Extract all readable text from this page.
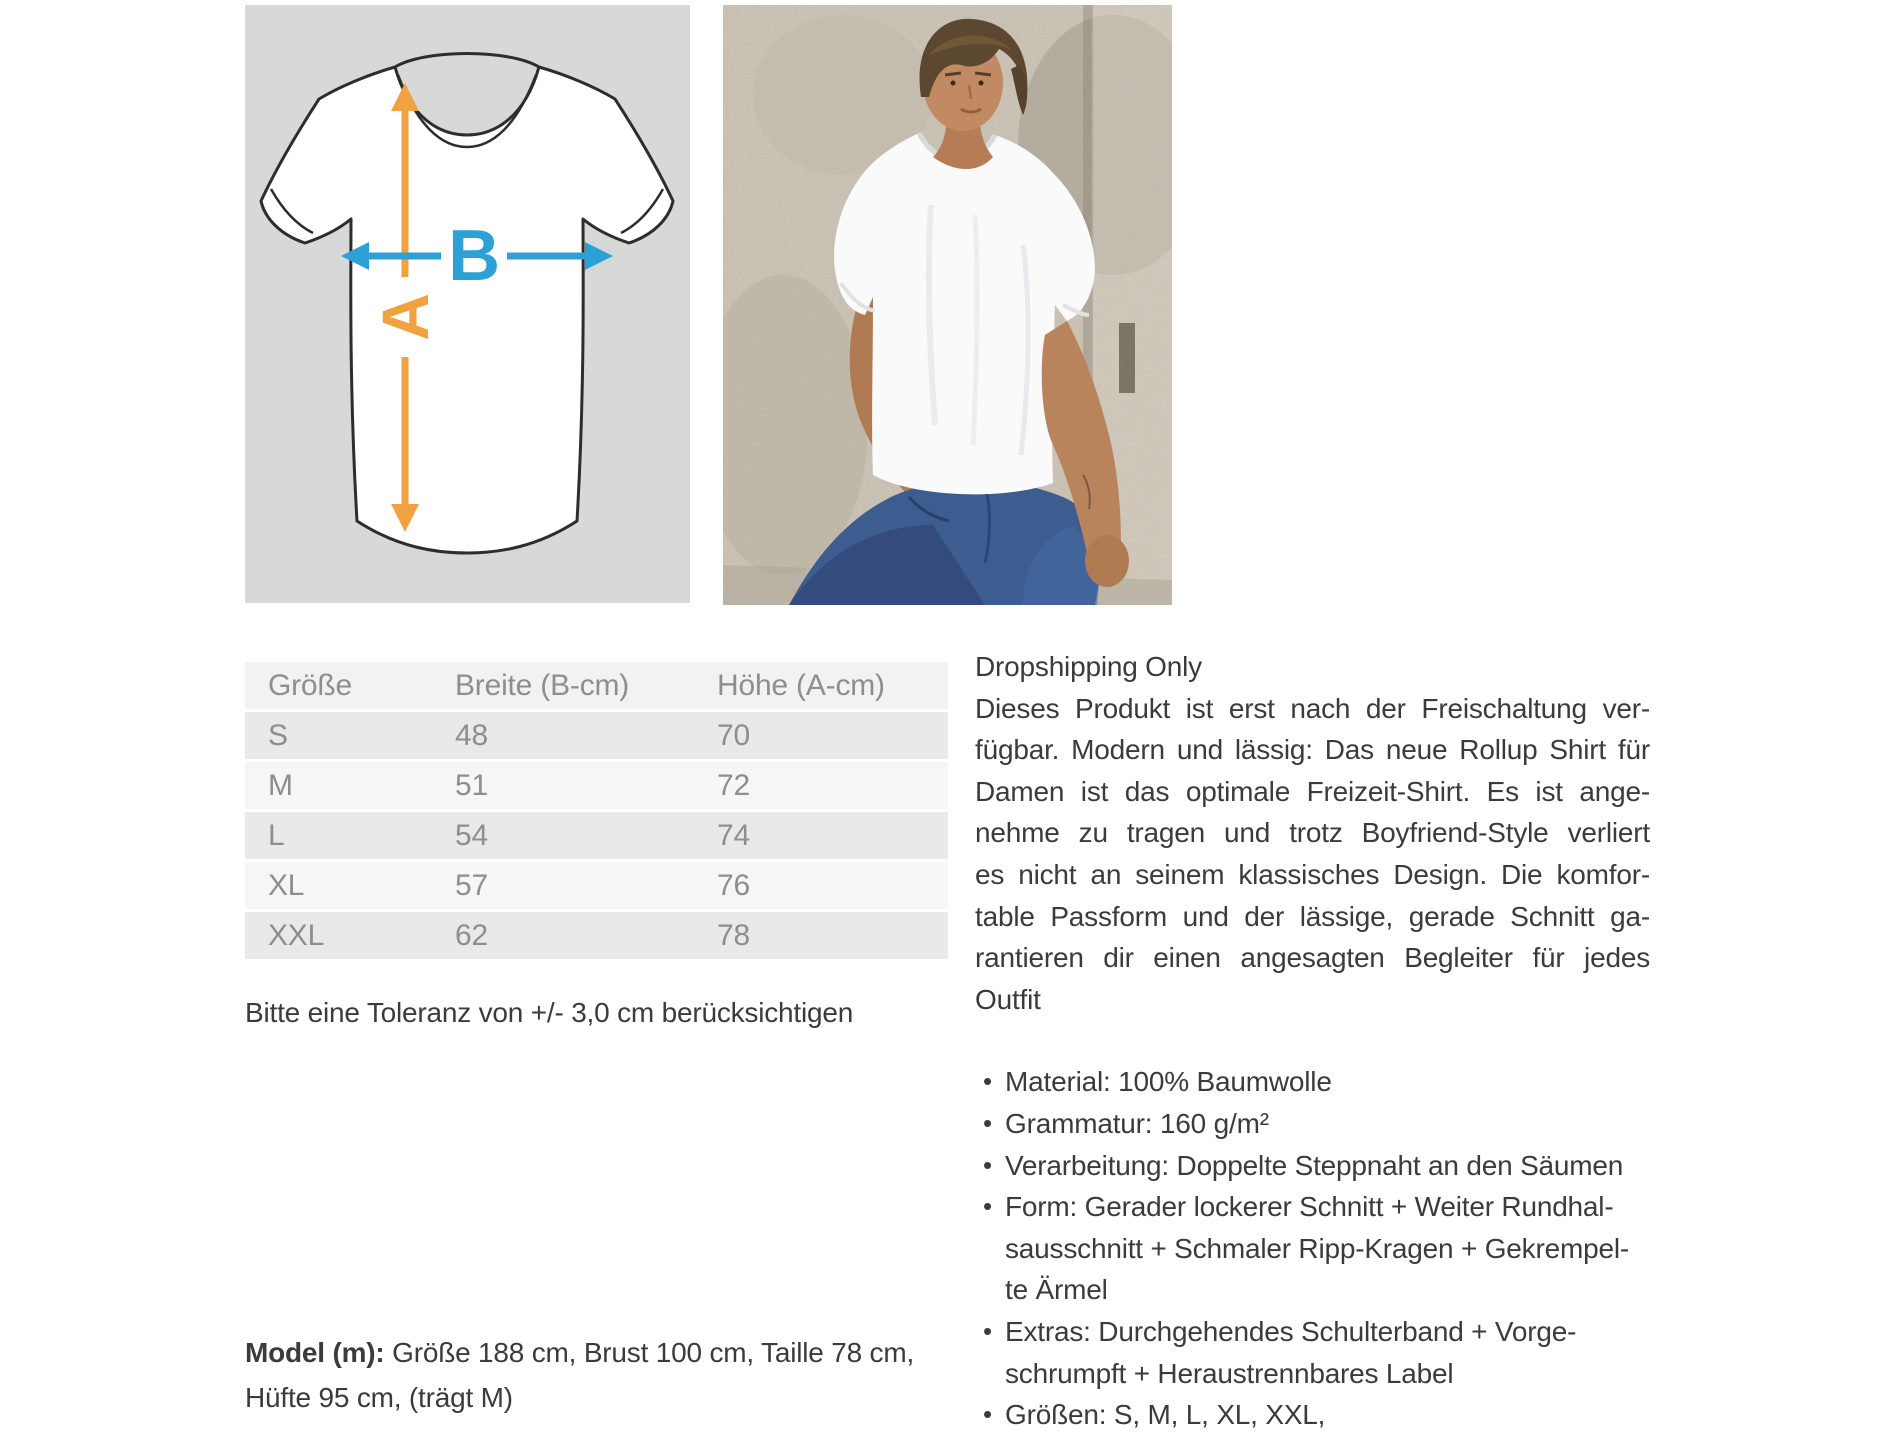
A
B
Größe	Breite (B-cm)	Höhe (A-cm)
S	48	70
M	51	72
L	54	74
XL	57	76
XXL	62	78
Bitte eine Toleranz von +/- 3,0 cm berücksichtigen
Model (m): Größe 188 cm, Brust 100 cm, Taille 78 cm,
Hüfte 95 cm, (trägt M)
Dropshipping Only
Dieses Produkt ist erst nach der Freischaltung ver-
fügbar. Modern und lässig: Das neue Rollup Shirt für
Damen ist das optimale Freizeit-Shirt. Es ist ange-
nehme zu tragen und trotz Boyfriend-Style verliert
es nicht an seinem klassisches Design. Die komfor-
table Passform und der lässige, gerade Schnitt ga-
rantieren dir einen angesagten Begleiter für jedes
Outfit
• Material: 100% Baumwolle
• Grammatur: 160 g/m²
• Verarbeitung: Doppelte Steppnaht an den Säumen
• Form: Gerader lockerer Schnitt + Weiter Rundhal-
sausschnitt + Schmaler Ripp-Kragen + Gekrempel-
te Ärmel
• Extras: Durchgehendes Schulterband + Vorge-
schrumpft + Heraustrennbares Label
• Größen: S, M, L, XL, XXL,
